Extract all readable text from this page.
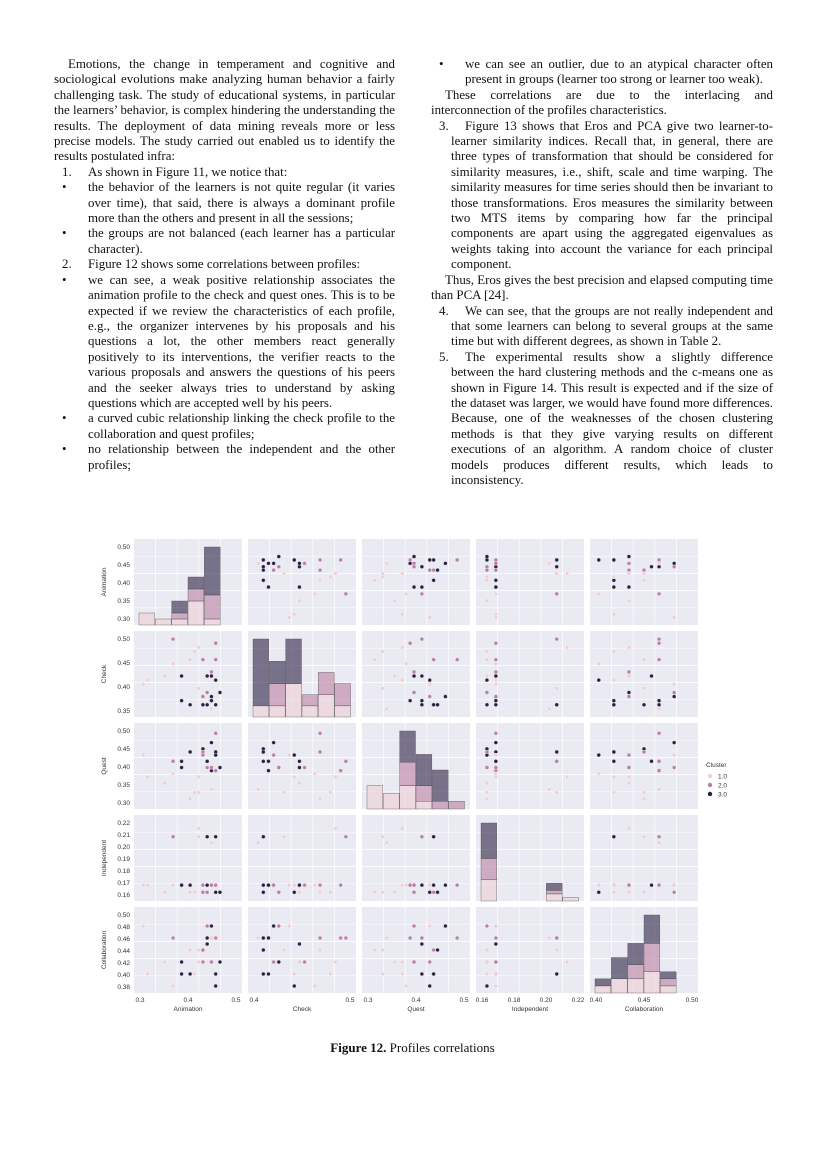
Emotions, the change in temperament and cognitive and sociological evolutions make analyzing human behavior a fairly challenging task. The study of educational systems, in particular the learners’ behavior, is complex hindering the understanding the results. The deployment of data mining reveals more or less precise models. The study carried out enabled us to identify the results postulated infra:

1. As shown in Figure 11, we notice that:

• the behavior of the learners is not quite regular (it varies over time), that said, there is always a dominant profile more than the others and present in all the sessions;

• the groups are not balanced (each learner has a particular character).

2. Figure 12 shows some correlations between profiles:

• we can see, a weak positive relationship associates the animation profile to the check and quest ones. This is to be expected if we review the characteristics of each profile, e.g., the organizer intervenes by his proposals and his questions a lot, the other members react generally positively to its interventions, the verifier reacts to the various proposals and answers the questions of his peers and the seeker always tries to understand by asking questions which are accepted well by his peers.

• a curved cubic relationship linking the check profile to the collaboration and quest profiles;

• no relationship between the independent and the other profiles;

• we can see an outlier, due to an atypical character often present in groups (learner too strong or learner too weak).

These correlations are due to the interlacing and interconnection of the profiles characteristics.

3. Figure 13 shows that Eros and PCA give two learner-to-learner similarity indices. Recall that, in general, there are three types of transformation that should be considered for similarity measures, i.e., shift, scale and time warping. The similarity measures for time series should then be invariant to those transformations. Eros measures the similarity between two MTS items by comparing how far the principal components are apart using the aggregated eigenvalues as weights taking into account the variance for each principal component.

Thus, Eros gives the best precision and elapsed computing time than PCA [24].

4. We can see, that the groups are not really independent and that some learners can belong to several groups at the same time but with different degrees, as shown in Table 2.

5. The experimental results show a slightly difference between the hard clustering methods and the c-means one as shown in Figure 14. This result is expected and if the size of the dataset was larger, we would have found more differences. Because, one of the weaknesses of the chosen clustering methods is that they give varying results on different executions of an algorithm. A random choice of cluster models produces different results, which leads to inconsistency.

0.50
0.45
0.40
0.35
0.30
Animation
0.50
0.45
0.40
0.35
Check
0.50
0.45
0.40
0.35
0.30
Quest
0.22
0.21
0.20
0.19
0.18
0.17
0.16
Independent
0.50
0.48
0.46
0.44
0.42
0.40
0.38
Collaboration
0.3	0.4	0.5
Animation
0.4	0.5
Check
0.3	0.4	0.5
Quest
0.16	0.18	0.20	0.22
Independent
0.40	0.45	0.50
Collaboration
Cluster
1.0
2.0
3.0
Figure 12. Profiles correlations
